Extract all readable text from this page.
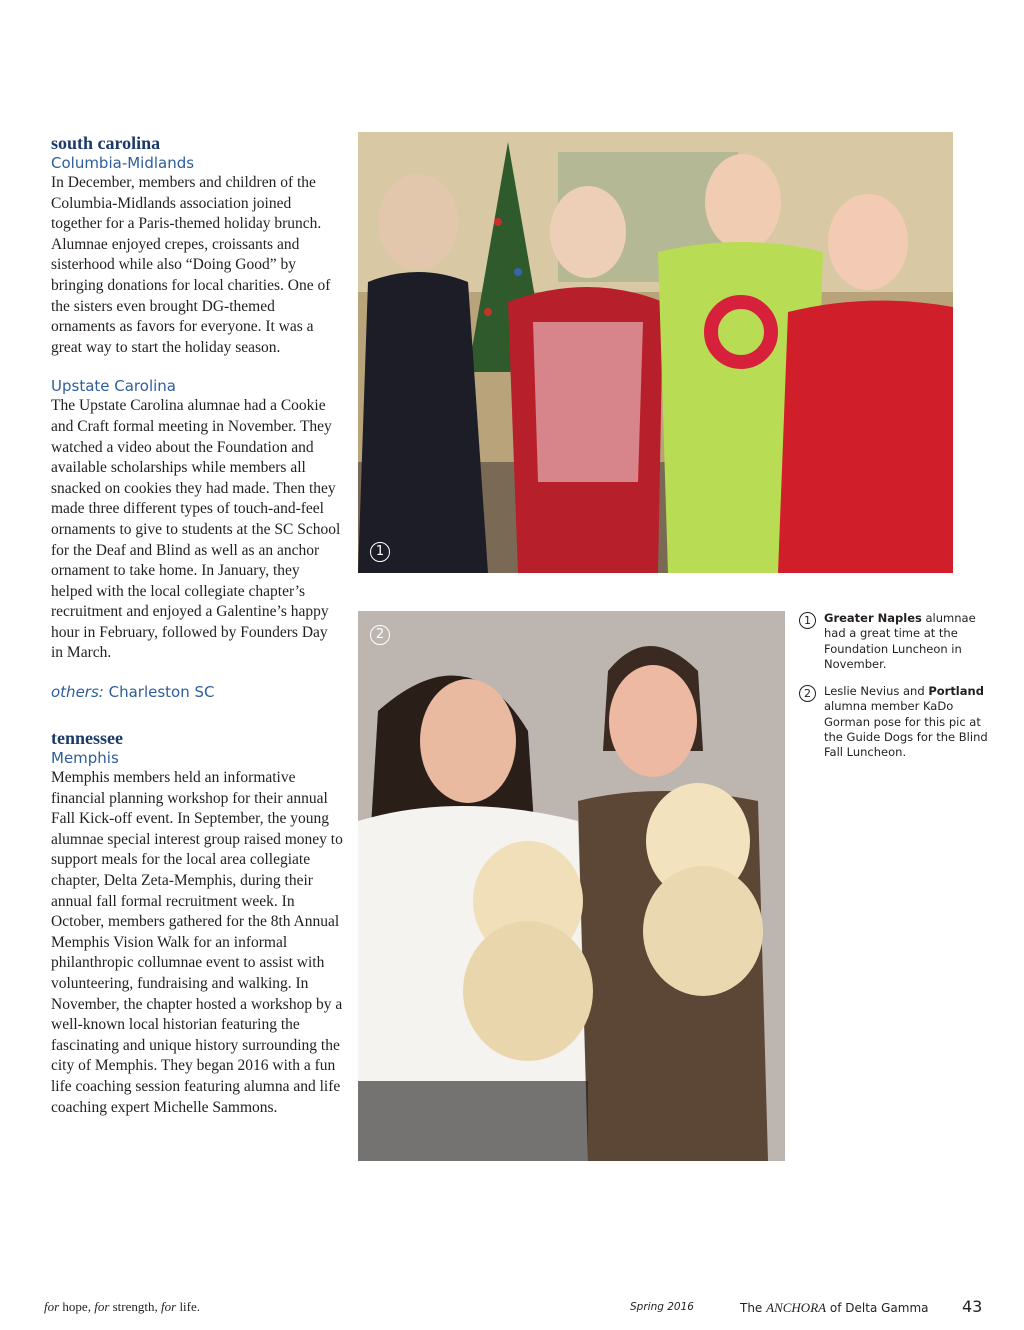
south carolina
Columbia-Midlands

In December, members and children of the Columbia-Midlands association joined together for a Paris-themed holiday brunch. Alumnae enjoyed crepes, croissants and sisterhood while also “Doing Good” by bringing donations for local charities. One of the sisters even brought DG-themed ornaments as favors for everyone. It was a great way to start the holiday season.

Upstate Carolina

The Upstate Carolina alumnae had a Cookie and Craft formal meeting in November. They watched a video about the Foundation and available scholarships while members all snacked on cookies they had made. Then they made three different types of touch-and-feel ornaments to give to students at the SC School for the Deaf and Blind as well as an anchor ornament to take home. In January, they helped with the local collegiate chapter’s recruitment and enjoyed a Galentine’s happy hour in February, followed by Founders Day in March.

others: Charleston SC
tennessee
Memphis

Memphis members held an informative financial planning workshop for their annual Fall Kick-off event. In September, the young alumnae special interest group raised money to support meals for the local area collegiate chapter, Delta Zeta-Memphis, during their annual fall formal recruitment week. In October, members gathered for the 8th Annual Memphis Vision Walk for an informal philanthropic collumnae event to assist with volunteering, fundraising and walking. In November, the chapter hosted a workshop by a well-known local historian featuring the fascinating and unique history surrounding the city of Memphis. They began 2016 with a fun life coaching session featuring alumna and life coaching expert Michelle Sammons.

1
2
1	Greater Naples alumnae had a great time at the Foundation Luncheon in November.
2	Leslie Nevius and Portland alumna member KaDo Gorman pose for this pic at the Guide Dogs for the Blind Fall Luncheon.
for hope, for strength, for life.	Spring 2016	The ANCHORA of Delta Gamma 43
